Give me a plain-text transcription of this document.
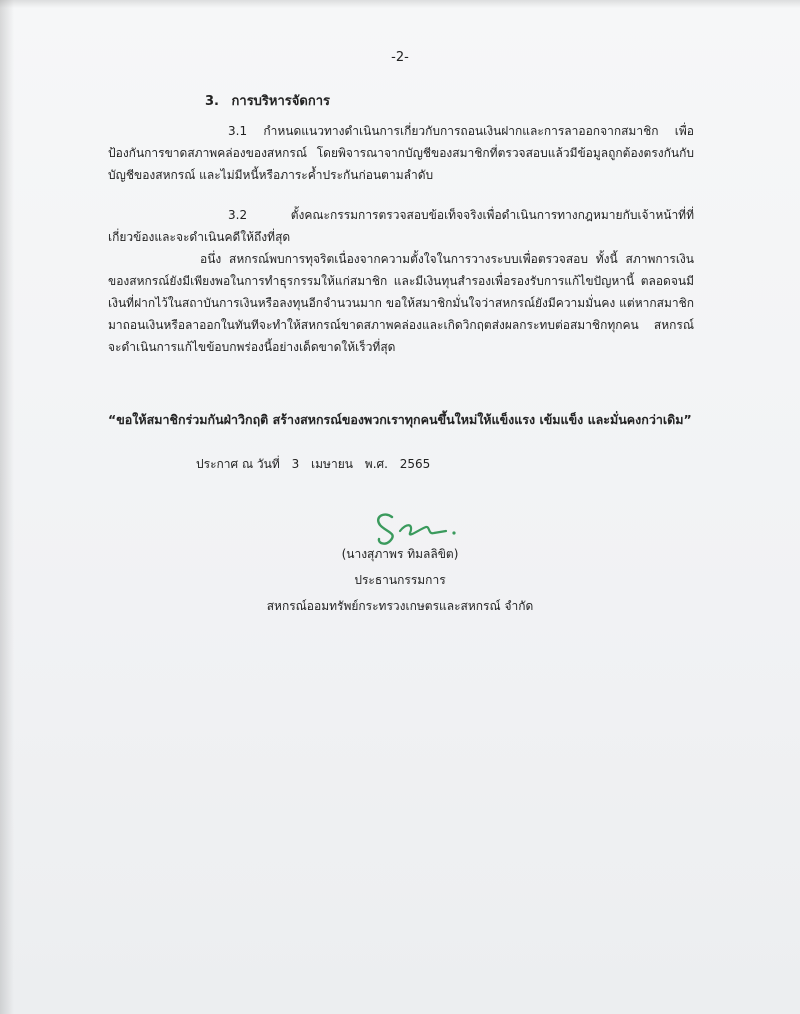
-2-
3. การบริหารจัดการ
3.1 กำหนดแนวทางดำเนินการเกี่ยวกับการถอนเงินฝากและการลาออกจากสมาชิก เพื่อป้องกันการขาดสภาพคล่องของสหกรณ์ โดยพิจารณาจากบัญชีของสมาชิกที่ตรวจสอบแล้วมีข้อมูลถูกต้องตรงกันกับบัญชีของสหกรณ์ และไม่มีหนี้หรือภาระค้ำประกันก่อนตามลำดับ
3.2 ตั้งคณะกรรมการตรวจสอบข้อเท็จจริงเพื่อดำเนินการทางกฎหมายกับเจ้าหน้าที่ที่เกี่ยวข้องและจะดำเนินคดีให้ถึงที่สุด
อนึ่ง สหกรณ์พบการทุจริตเนื่องจากความตั้งใจในการวางระบบเพื่อตรวจสอบ ทั้งนี้ สภาพการเงินของสหกรณ์ยังมีเพียงพอในการทำธุรกรรมให้แก่สมาชิก และมีเงินทุนสำรองเพื่อรองรับการแก้ไขปัญหานี้ ตลอดจนมีเงินที่ฝากไว้ในสถาบันการเงินหรือลงทุนอีกจำนวนมาก ขอให้สมาชิกมั่นใจว่าสหกรณ์ยังมีความมั่นคง แต่หากสมาชิกมาถอนเงินหรือลาออกในทันทีจะทำให้สหกรณ์ขาดสภาพคล่องและเกิดวิกฤตส่งผลกระทบต่อสมาชิกทุกคน สหกรณ์จะดำเนินการแก้ไขข้อบกพร่องนี้อย่างเด็ดขาดให้เร็วที่สุด
“ขอให้สมาชิกร่วมกันฝ่าวิกฤติ สร้างสหกรณ์ของพวกเราทุกคนขึ้นใหม่ให้แข็งแรง เข้มแข็ง และมั่นคงกว่าเดิม”
ประกาศ ณ วันที่ 3 เมษายน พ.ศ. 2565
(นางสุภาพร ทิมลลิขิต)
ประธานกรรมการ
สหกรณ์ออมทรัพย์กระทรวงเกษตรและสหกรณ์ จำกัด
